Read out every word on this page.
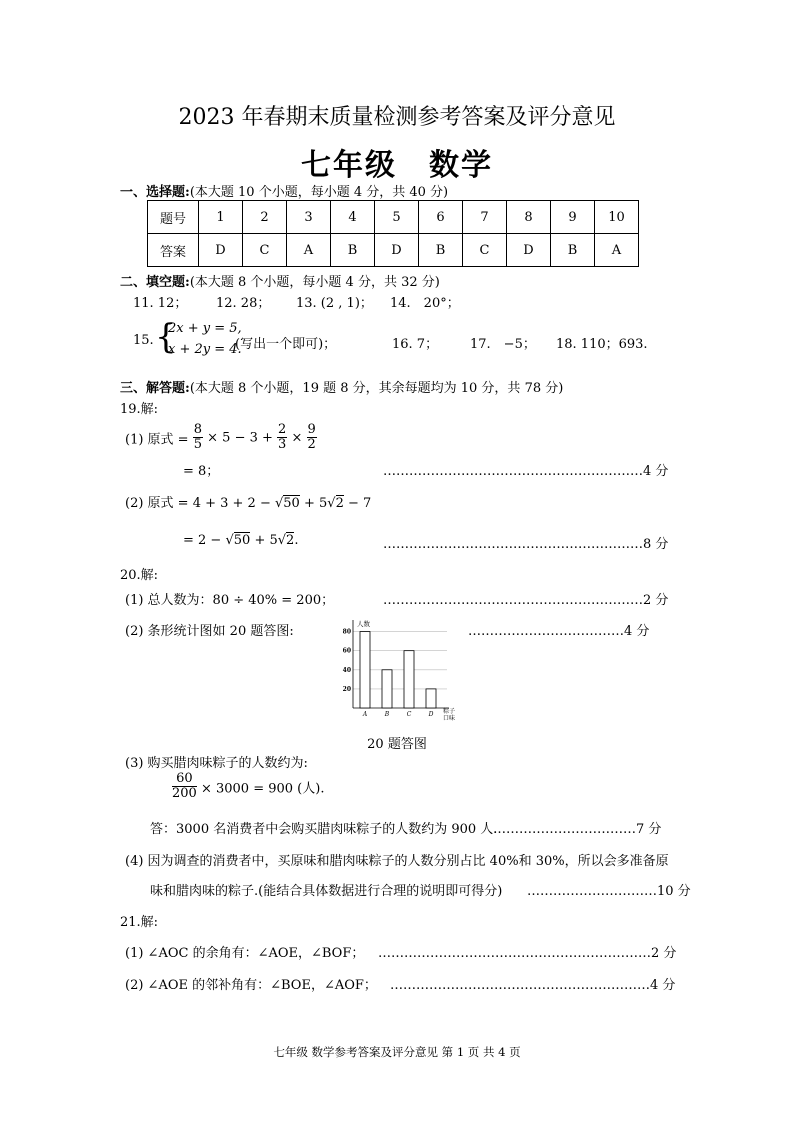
2023 年春期末质量检测参考答案及评分意见
七年级　数学
一、选择题:(本大题 10 个小题，每小题 4 分，共 40 分)
题号	1	2	3	4	5	6	7	8	9	10
答案	D	C	A	B	D	B	C	D	B	A
二、填空题:(本大题 8 个小题，每小题 4 分，共 32 分)
11. 12； 12. 28； 13. (2 , 1)； 14.　20°；
15. {
2x + y = 5,
x + 2y = 4.
(写出一个即可)；	16. 7； 17.　−5； 18. 110；693.
三、解答题:(本大题 8 个小题，19 题 8 分，其余每题均为 10 分，共 78 分)
19.解:
(1) 原式 = $\frac{8}{5} \times 5 - 3 + \frac{2}{3} \times \frac{9}{2}$
= 8；	……………………………………………………4 分
(2) 原式 = 4 + 3 + 2 − √50 + 5√2 − 7
= 2 − √50 + 5√2.	……………………………………………………8 分
20.解:
(1) 总人数为：80 ÷ 40% = 200；	……………………………………………………2 分
(2) 条形统计图如 20 题答图:	………………………………4 分
20
40
60
80
人数
粽子
口味
A	B	C	D
20 题答图
(3) 购买腊肉味粽子的人数约为:
$\frac{60}{200} \times 3000 = 900$ (人).
答：3000 名消费者中会购买腊肉味粽子的人数约为 900 人.
……………………………7 分
(4) 因为调查的消费者中，买原味和腊肉味粽子的人数分别占比 40%和 30%，所以会多准备原
味和腊肉味的粽子.(能结合具体数据进行合理的说明即可得分) …………………………10 分
21.解:
(1) ∠AOC 的余角有：∠AOE，∠BOF； ………………………………………………………2 分
(2) ∠AOE 的邻补角有：∠BOE，∠AOF； ……………………………………………………4 分
七年级 数学参考答案及评分意见 第 1 页 共 4 页
